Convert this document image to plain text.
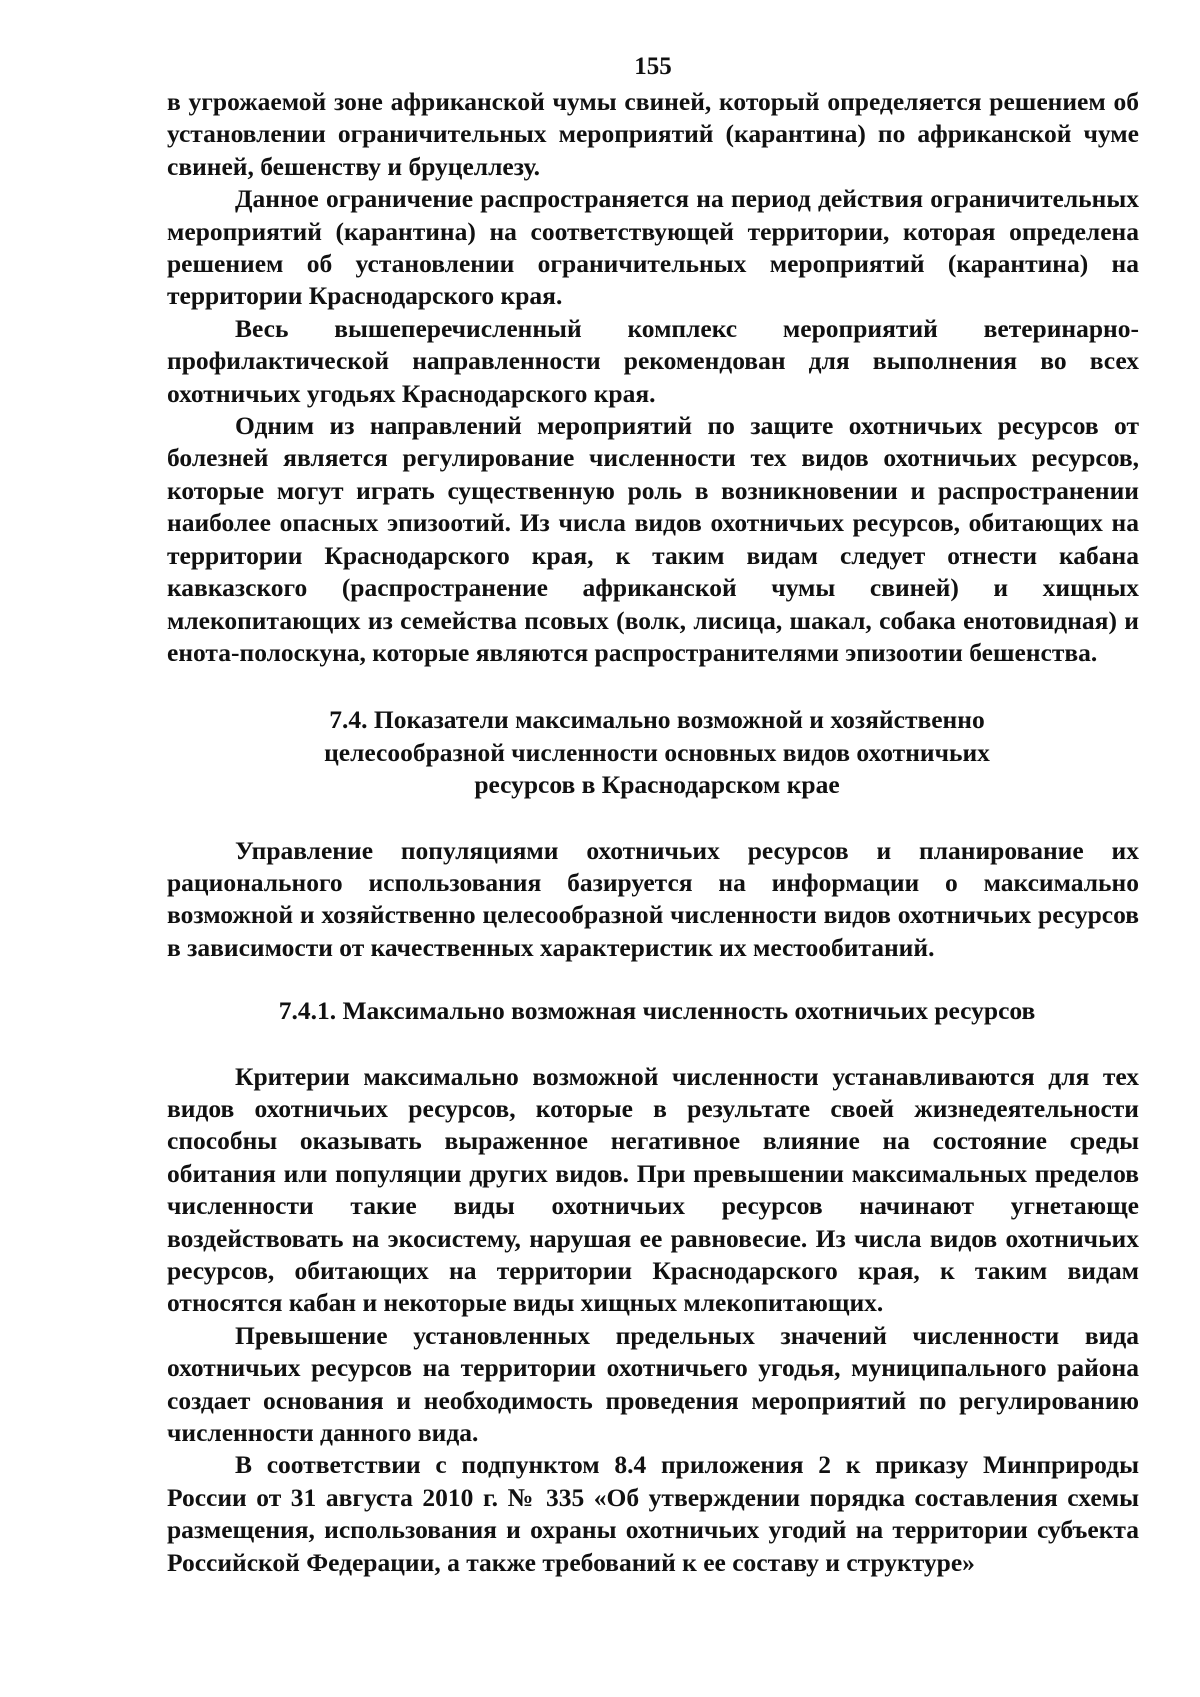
155

в угрожаемой зоне африканской чумы свиней, который определяется решением об установлении ограничительных мероприятий (карантина) по африканской чуме свиней, бешенству и бруцеллезу.

Данное ограничение распространяется на период действия ограничительных мероприятий (карантина) на соответствующей территории, которая определена решением об установлении ограничительных мероприятий (карантина) на территории Краснодарского края.

Весь вышеперечисленный комплекс мероприятий ветеринарно-профилактической направленности рекомендован для выполнения во всех охотничьих угодьях Краснодарского края.

Одним из направлений мероприятий по защите охотничьих ресурсов от болезней является регулирование численности тех видов охотничьих ресурсов, которые могут играть существенную роль в возникновении и распространении наиболее опасных эпизоотий. Из числа видов охотничьих ресурсов, обитающих на территории Краснодарского края, к таким видам следует отнести кабана кавказского (распространение африканской чумы свиней) и хищных млекопитающих из семейства псовых (волк, лисица, шакал, собака енотовидная) и енота-полоскуна, которые являются распространителями эпизоотии бешенства.

7.4. Показатели максимально возможной и хозяйственно
целесообразной численности основных видов охотничьих
ресурсов в Краснодарском крае

Управление популяциями охотничьих ресурсов и планирование их рационального использования базируется на информации о максимально возможной и хозяйственно целесообразной численности видов охотничьих ресурсов в зависимости от качественных характеристик их местообитаний.

7.4.1. Максимально возможная численность охотничьих ресурсов

Критерии максимально возможной численности устанавливаются для тех видов охотничьих ресурсов, которые в результате своей жизнедеятельности способны оказывать выраженное негативное влияние на состояние среды обитания или популяции других видов. При превышении максимальных пределов численности такие виды охотничьих ресурсов начинают угнетающе воздействовать на экосистему, нарушая ее равновесие. Из числа видов охотничьих ресурсов, обитающих на территории Краснодарского края, к таким видам относятся кабан и некоторые виды хищных млекопитающих.

Превышение установленных предельных значений численности вида охотничьих ресурсов на территории охотничьего угодья, муниципального района создает основания и необходимость проведения мероприятий по регулированию численности данного вида.

В соответствии с подпунктом 8.4 приложения 2 к приказу Минприроды России от 31 августа 2010 г. № 335 «Об утверждении порядка составления схемы размещения, использования и охраны охотничьих угодий на территории субъекта Российской Федерации, а также требований к ее составу и структуре»
